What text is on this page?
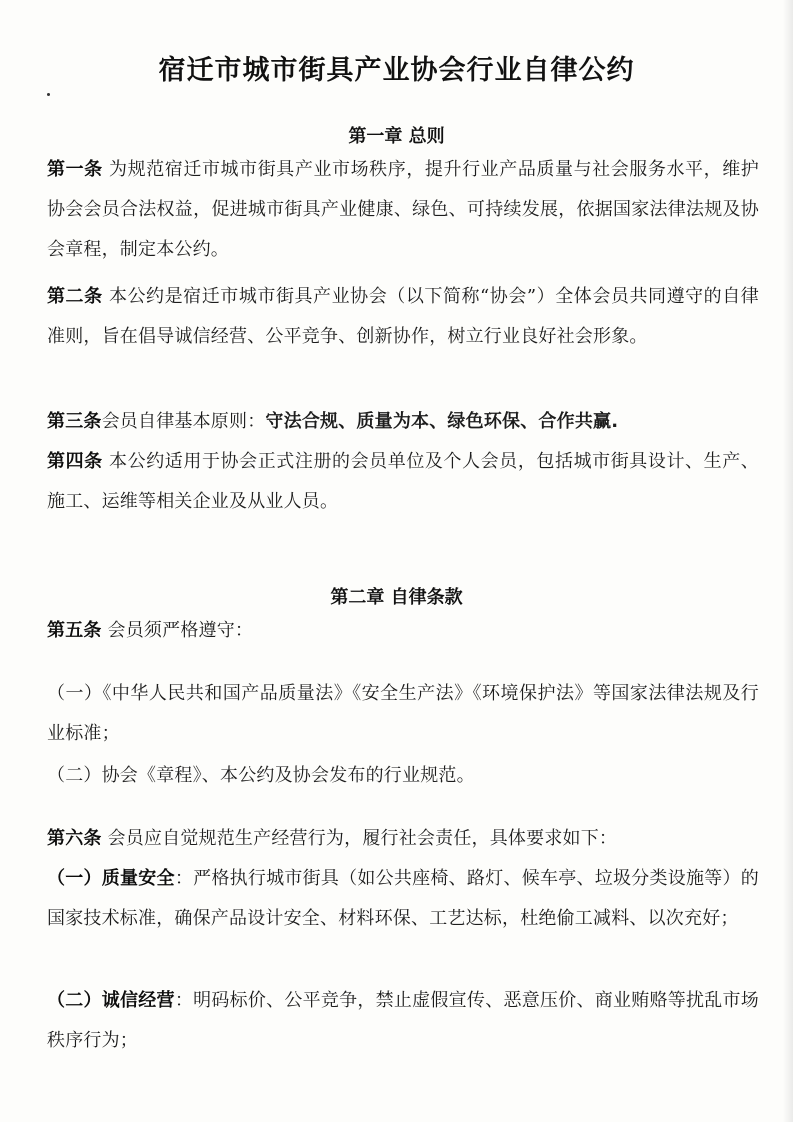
宿迁市城市街具产业协会行业自律公约
第一章 总则
第一条 为规范宿迁市城市街具产业市场秩序，提升行业产品质量与社会服务水平，维护协会会员合法权益，促进城市街具产业健康、绿色、可持续发展，依据国家法律法规及协会章程，制定本公约。
第二条 本公约是宿迁市城市街具产业协会（以下简称“协会”）全体会员共同遵守的自律准则，旨在倡导诚信经营、公平竞争、创新协作，树立行业良好社会形象。
第三条会员自律基本原则：守法合规、质量为本、绿色环保、合作共赢.
第四条 本公约适用于协会正式注册的会员单位及个人会员，包括城市街具设计、生产、施工、运维等相关企业及从业人员。
第二章 自律条款
第五条 会员须严格遵守：
（一）《中华人民共和国产品质量法》《安全生产法》《环境保护法》等国家法律法规及行业标准；
（二）协会《章程》、本公约及协会发布的行业规范。
第六条 会员应自觉规范生产经营行为，履行社会责任，具体要求如下：
（一）质量安全：严格执行城市街具（如公共座椅、路灯、候车亭、垃圾分类设施等）的国家技术标准，确保产品设计安全、材料环保、工艺达标，杜绝偷工减料、以次充好；
（二）诚信经营：明码标价、公平竞争，禁止虚假宣传、恶意压价、商业贿赂等扰乱市场秩序行为；
